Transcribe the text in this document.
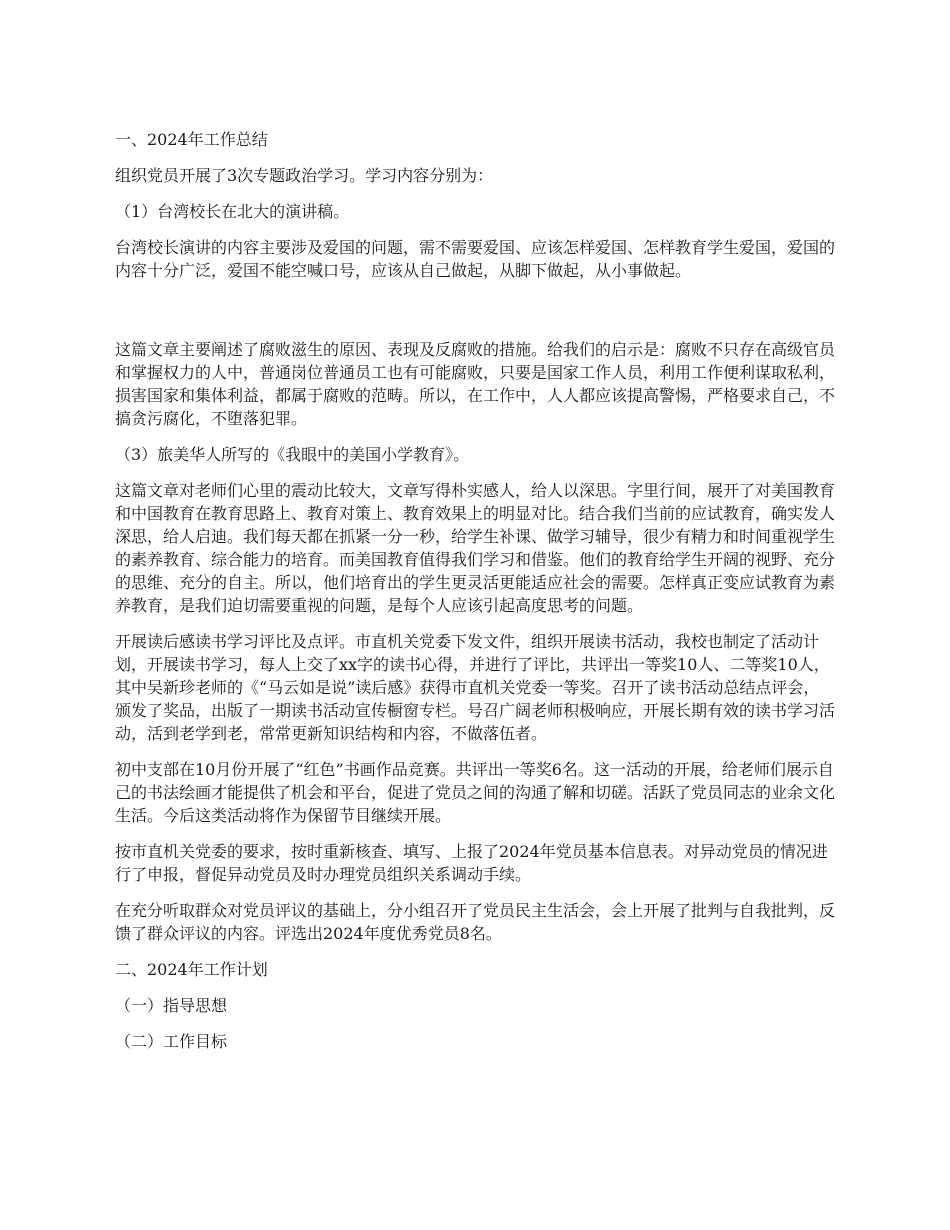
一、2024年工作总结

组织党员开展了3次专题政治学习。学习内容分别为：

（1）台湾校长在北大的演讲稿。

台湾校长演讲的内容主要涉及爱国的问题，需不需要爱国、应该怎样爱国、怎样教育学生爱国，爱国的内容十分广泛，爱国不能空喊口号，应该从自己做起，从脚下做起，从小事做起。

这篇文章主要阐述了腐败滋生的原因、表现及反腐败的措施。给我们的启示是：腐败不只存在高级官员和掌握权力的人中，普通岗位普通员工也有可能腐败，只要是国家工作人员，利用工作便利谋取私利，损害国家和集体利益，都属于腐败的范畴。所以，在工作中，人人都应该提高警惕，严格要求自己，不搞贪污腐化，不堕落犯罪。

（3）旅美华人所写的《我眼中的美国小学教育》。

这篇文章对老师们心里的震动比较大，文章写得朴实感人，给人以深思。字里行间，展开了对美国教育和中国教育在教育思路上、教育对策上、教育效果上的明显对比。结合我们当前的应试教育，确实发人深思，给人启迪。我们每天都在抓紧一分一秒，给学生补课、做学习辅导，很少有精力和时间重视学生的素养教育、综合能力的培育。而美国教育值得我们学习和借鉴。他们的教育给学生开阔的视野、充分的思维、充分的自主。所以，他们培育出的学生更灵活更能适应社会的需要。怎样真正变应试教育为素养教育，是我们迫切需要重视的问题，是每个人应该引起高度思考的问题。

开展读后感读书学习评比及点评。市直机关党委下发文件，组织开展读书活动，我校也制定了活动计划，开展读书学习，每人上交了xx字的读书心得，并进行了评比，共评出一等奖10人、二等奖10人，其中吴新珍老师的《“马云如是说”读后感》获得市直机关党委一等奖。召开了读书活动总结点评会，颁发了奖品，出版了一期读书活动宣传橱窗专栏。号召广阔老师积极响应，开展长期有效的读书学习活动，活到老学到老，常常更新知识结构和内容，不做落伍者。

初中支部在10月份开展了“红色”书画作品竞赛。共评出一等奖6名。这一活动的开展，给老师们展示自己的书法绘画才能提供了机会和平台，促进了党员之间的沟通了解和切磋。活跃了党员同志的业余文化生活。今后这类活动将作为保留节目继续开展。

按市直机关党委的要求，按时重新核查、填写、上报了2024年党员基本信息表。对异动党员的情况进行了申报，督促异动党员及时办理党员组织关系调动手续。

在充分听取群众对党员评议的基础上，分小组召开了党员民主生活会，会上开展了批判与自我批判，反馈了群众评议的内容。评选出2024年度优秀党员8名。

二、2024年工作计划

（一）指导思想

（二）工作目标
